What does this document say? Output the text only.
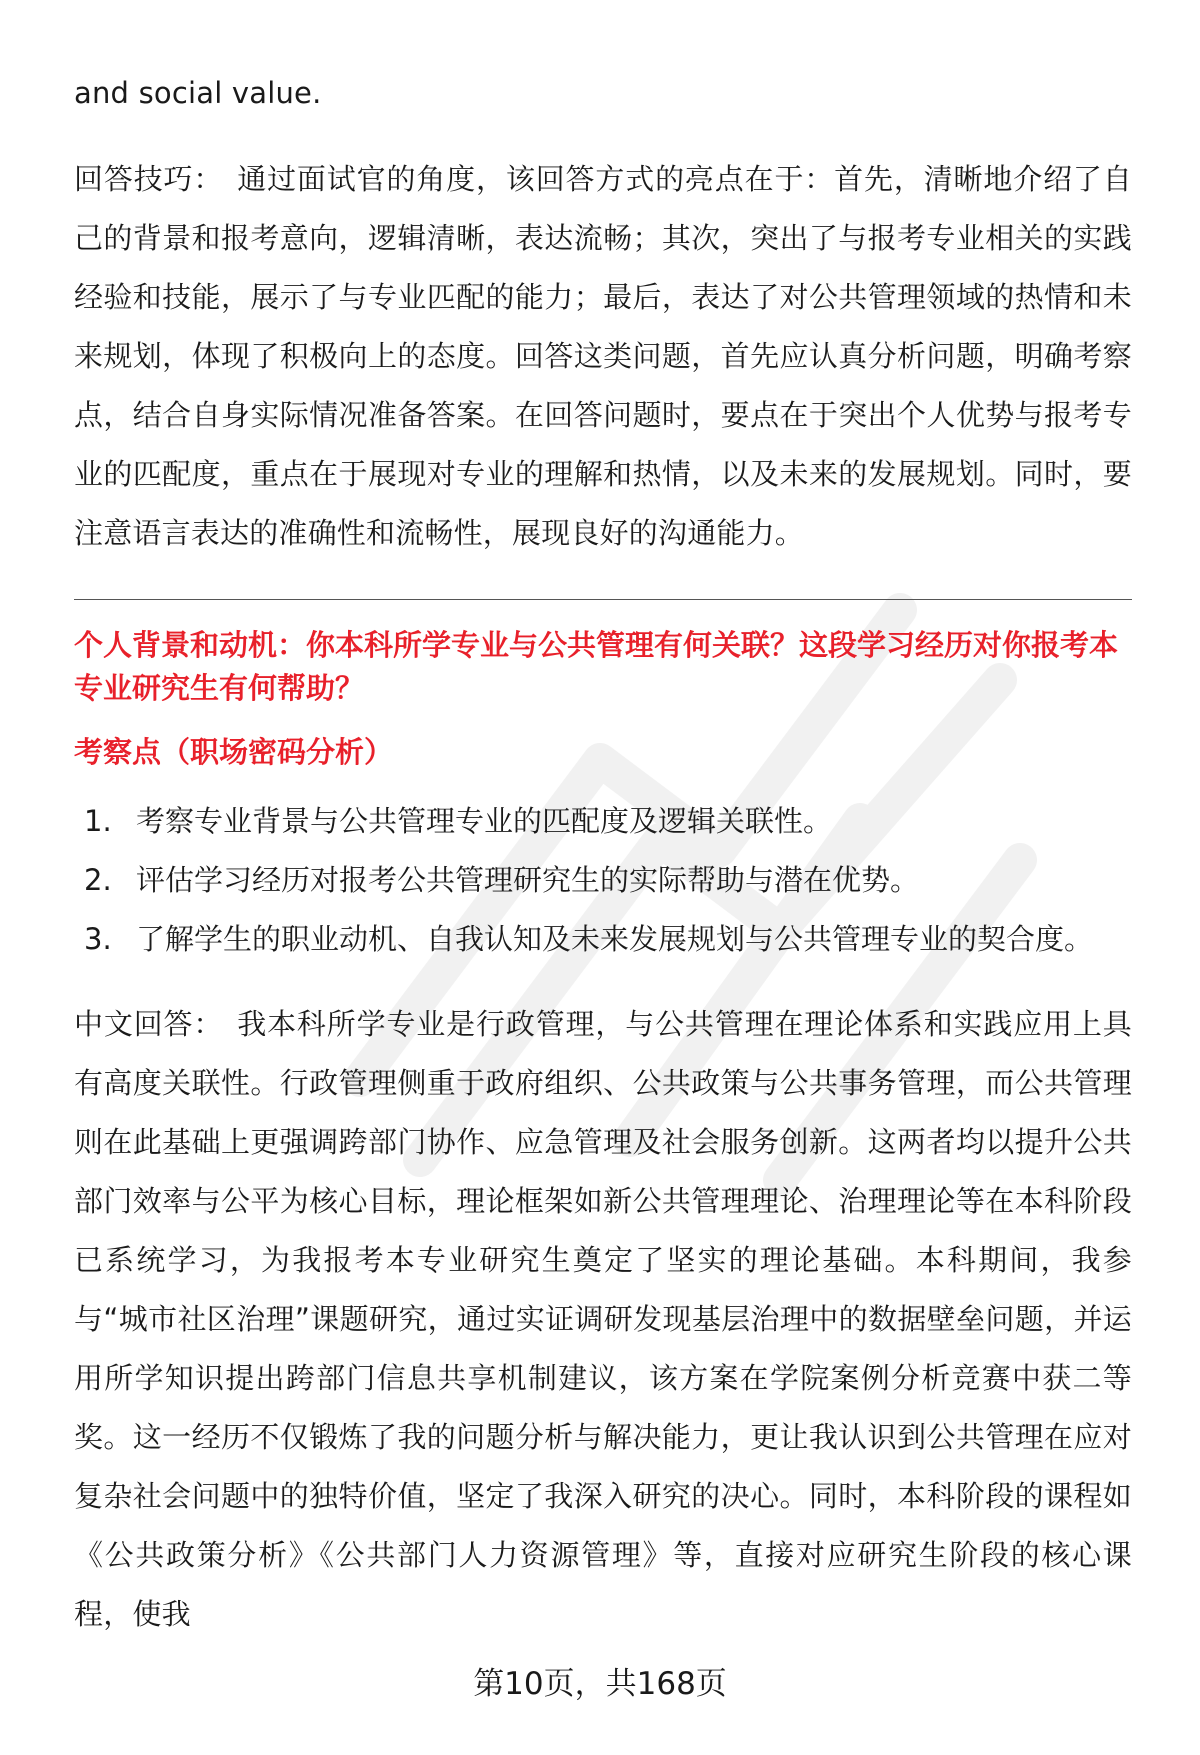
and social value.

回答技巧： 通过面试官的角度，该回答方式的亮点在于：首先，清晰地介绍了自己的背景和报考意向，逻辑清晰，表达流畅；其次，突出了与报考专业相关的实践经验和技能，展示了与专业匹配的能力；最后，表达了对公共管理领域的热情和未来规划，体现了积极向上的态度。回答这类问题，首先应认真分析问题，明确考察点，结合自身实际情况准备答案。在回答问题时，要点在于突出个人优势与报考专业的匹配度，重点在于展现对专业的理解和热情，以及未来的发展规划。同时，要注意语言表达的准确性和流畅性，展现良好的沟通能力。

个人背景和动机：你本科所学专业与公共管理有何关联？这段学习经历对你报考本专业研究生有何帮助？

考察点（职场密码分析）

1. 考察专业背景与公共管理专业的匹配度及逻辑关联性。
2. 评估学习经历对报考公共管理研究生的实际帮助与潜在优势。
3. 了解学生的职业动机、自我认知及未来发展规划与公共管理专业的契合度。

中文回答： 我本科所学专业是行政管理，与公共管理在理论体系和实践应用上具有高度关联性。行政管理侧重于政府组织、公共政策与公共事务管理，而公共管理则在此基础上更强调跨部门协作、应急管理及社会服务创新。这两者均以提升公共部门效率与公平为核心目标，理论框架如新公共管理理论、治理理论等在本科阶段已系统学习，为我报考本专业研究生奠定了坚实的理论基础。本科期间，我参与“城市社区治理”课题研究，通过实证调研发现基层治理中的数据壁垒问题，并运用所学知识提出跨部门信息共享机制建议，该方案在学院案例分析竞赛中获二等奖。这一经历不仅锻炼了我的问题分析与解决能力，更让我认识到公共管理在应对复杂社会问题中的独特价值，坚定了我深入研究的决心。同时，本科阶段的课程如《公共政策分析》《公共部门人力资源管理》等，直接对应研究生阶段的核心课程，使我

第10页，共168页
